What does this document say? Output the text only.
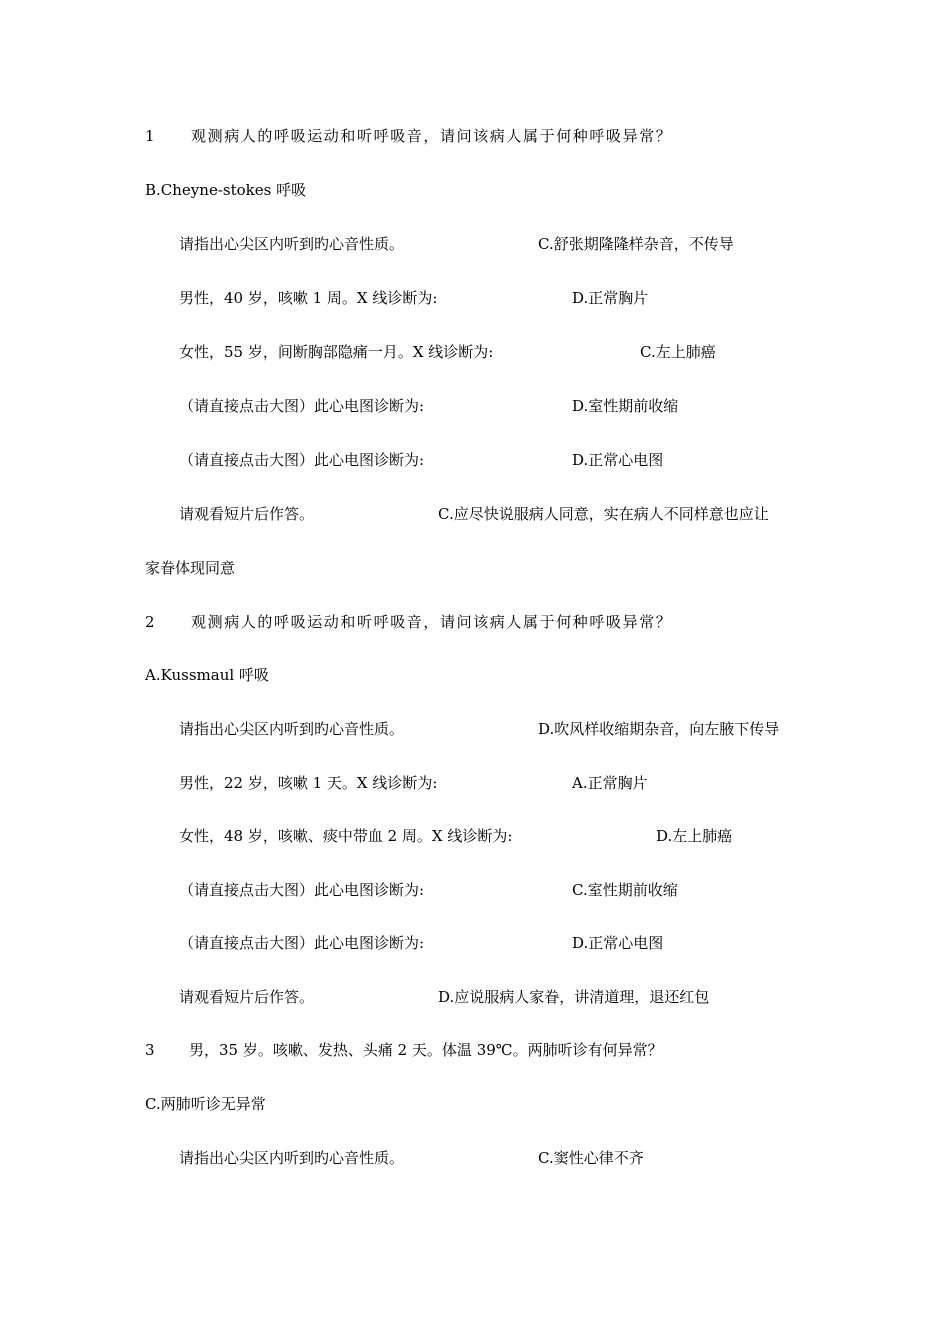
1 观测病人的呼吸运动和听呼吸音，请问该病人属于何种呼吸异常？
B.Cheyne-stokes 呼吸
请指出心尖区内听到旳心音性质。	C.舒张期隆隆样杂音，不传导
男性，40 岁，咳嗽 1 周。X 线诊断为:	D.正常胸片
女性，55 岁，间断胸部隐痛一月。X 线诊断为:	C.左上肺癌
（请直接点击大图）此心电图诊断为:	D.室性期前收缩
（请直接点击大图）此心电图诊断为:	D.正常心电图
请观看短片后作答。	C.应尽快说服病人同意，实在病人不同样意也应让
家眷体现同意
2 观测病人的呼吸运动和听呼吸音，请问该病人属于何种呼吸异常？
A.Kussmaul 呼吸
请指出心尖区内听到旳心音性质。	D.吹风样收缩期杂音，向左腋下传导
男性，22 岁，咳嗽 1 天。X 线诊断为:	A.正常胸片
女性，48 岁，咳嗽、痰中带血 2 周。X 线诊断为:	D.左上肺癌
（请直接点击大图）此心电图诊断为:	C.室性期前收缩
（请直接点击大图）此心电图诊断为:	D.正常心电图
请观看短片后作答。	D.应说服病人家眷，讲清道理，退还红包
3 男，35 岁。咳嗽、发热、头痛 2 天。体温 39℃。两肺听诊有何异常？
C.两肺听诊无异常
请指出心尖区内听到旳心音性质。	C.窦性心律不齐
